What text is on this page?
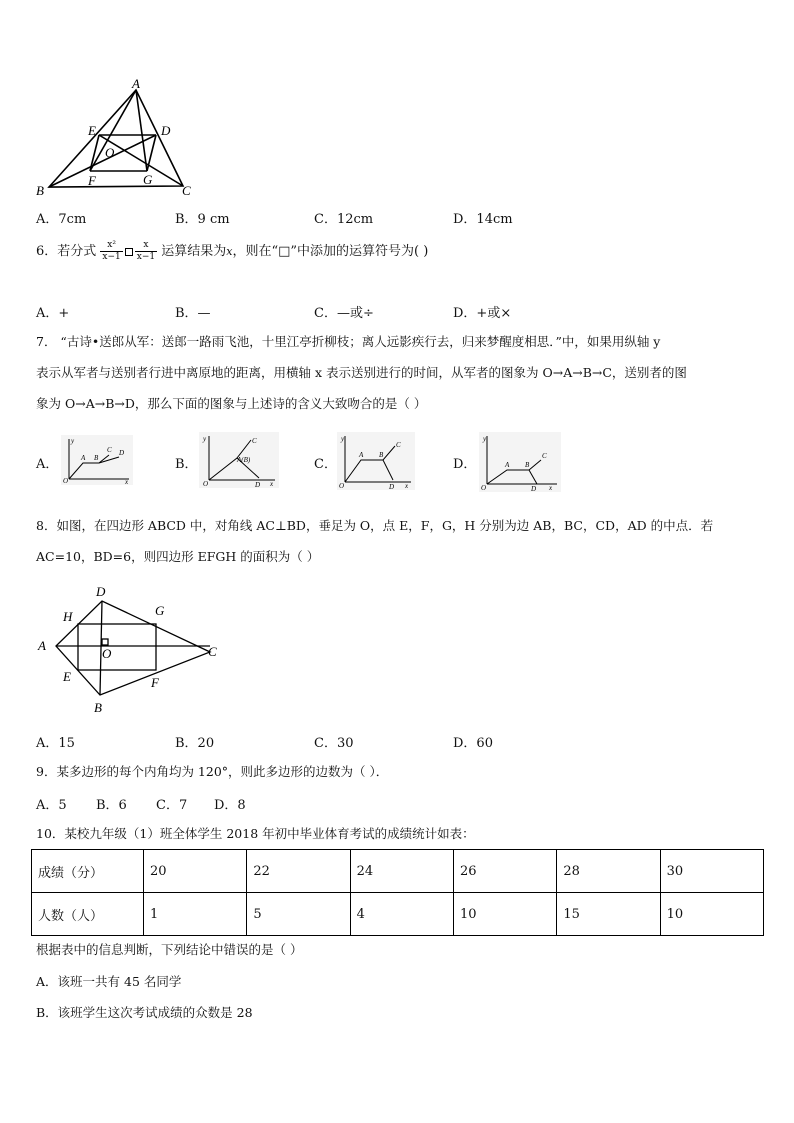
A
E	D
O
B
F	G
C
A．7cm	B．9 cm	C．12cm	D．14cm
6．若分式 $\frac{\text{x²}}{x-1} \frac{x}{x-1}$ 运算结果为x，则在“□”中添加的运算符号为( )
A．+	B．—	C．—或÷	D．+或×
7． “古诗•送郎从军：送郎一路雨飞池，十里江亭折柳枝；离人远影疾行去，归来梦醒度相思．”中，如果用纵轴 y
表示从军者与送别者行进中离原地的距离，用横轴 x 表示送别进行的时间，从军者的图象为 O→A→B→C，送别者的图
象为 O→A→B→D，那么下面的图象与上述诗的含义大致吻合的是（ ）
A．	B．	C．	D．
y
O
A B
C D
x
y
O
A(B)
C
D x
y
O
A B
C
D x
y
O
A B
C
D x
8．如图，在四边形 ABCD 中，对角线 AC⊥BD，垂足为 O，点 E，F，G，H 分别为边 AB，BC，CD，AD 的中点．若
AC=10，BD=6，则四边形 EFGH 的面积为（ ）
A
D
G
H
O	C
E	F
B
A．15	B．20	C．30	D．60
9．某多边形的每个内角均为 120°，则此多边形的边数为（ ）．
A．5 B．6 C．7 D．8
10．某校九年级（1）班全体学生 2018 年初中毕业体育考试的成绩统计如表：
成绩（分）	20	22	24	26	28	30
人数（人）	1	5	4	10	15	10
根据表中的信息判断，下列结论中错误的是（ ）
A．该班一共有 45 名同学
B．该班学生这次考试成绩的众数是 28
